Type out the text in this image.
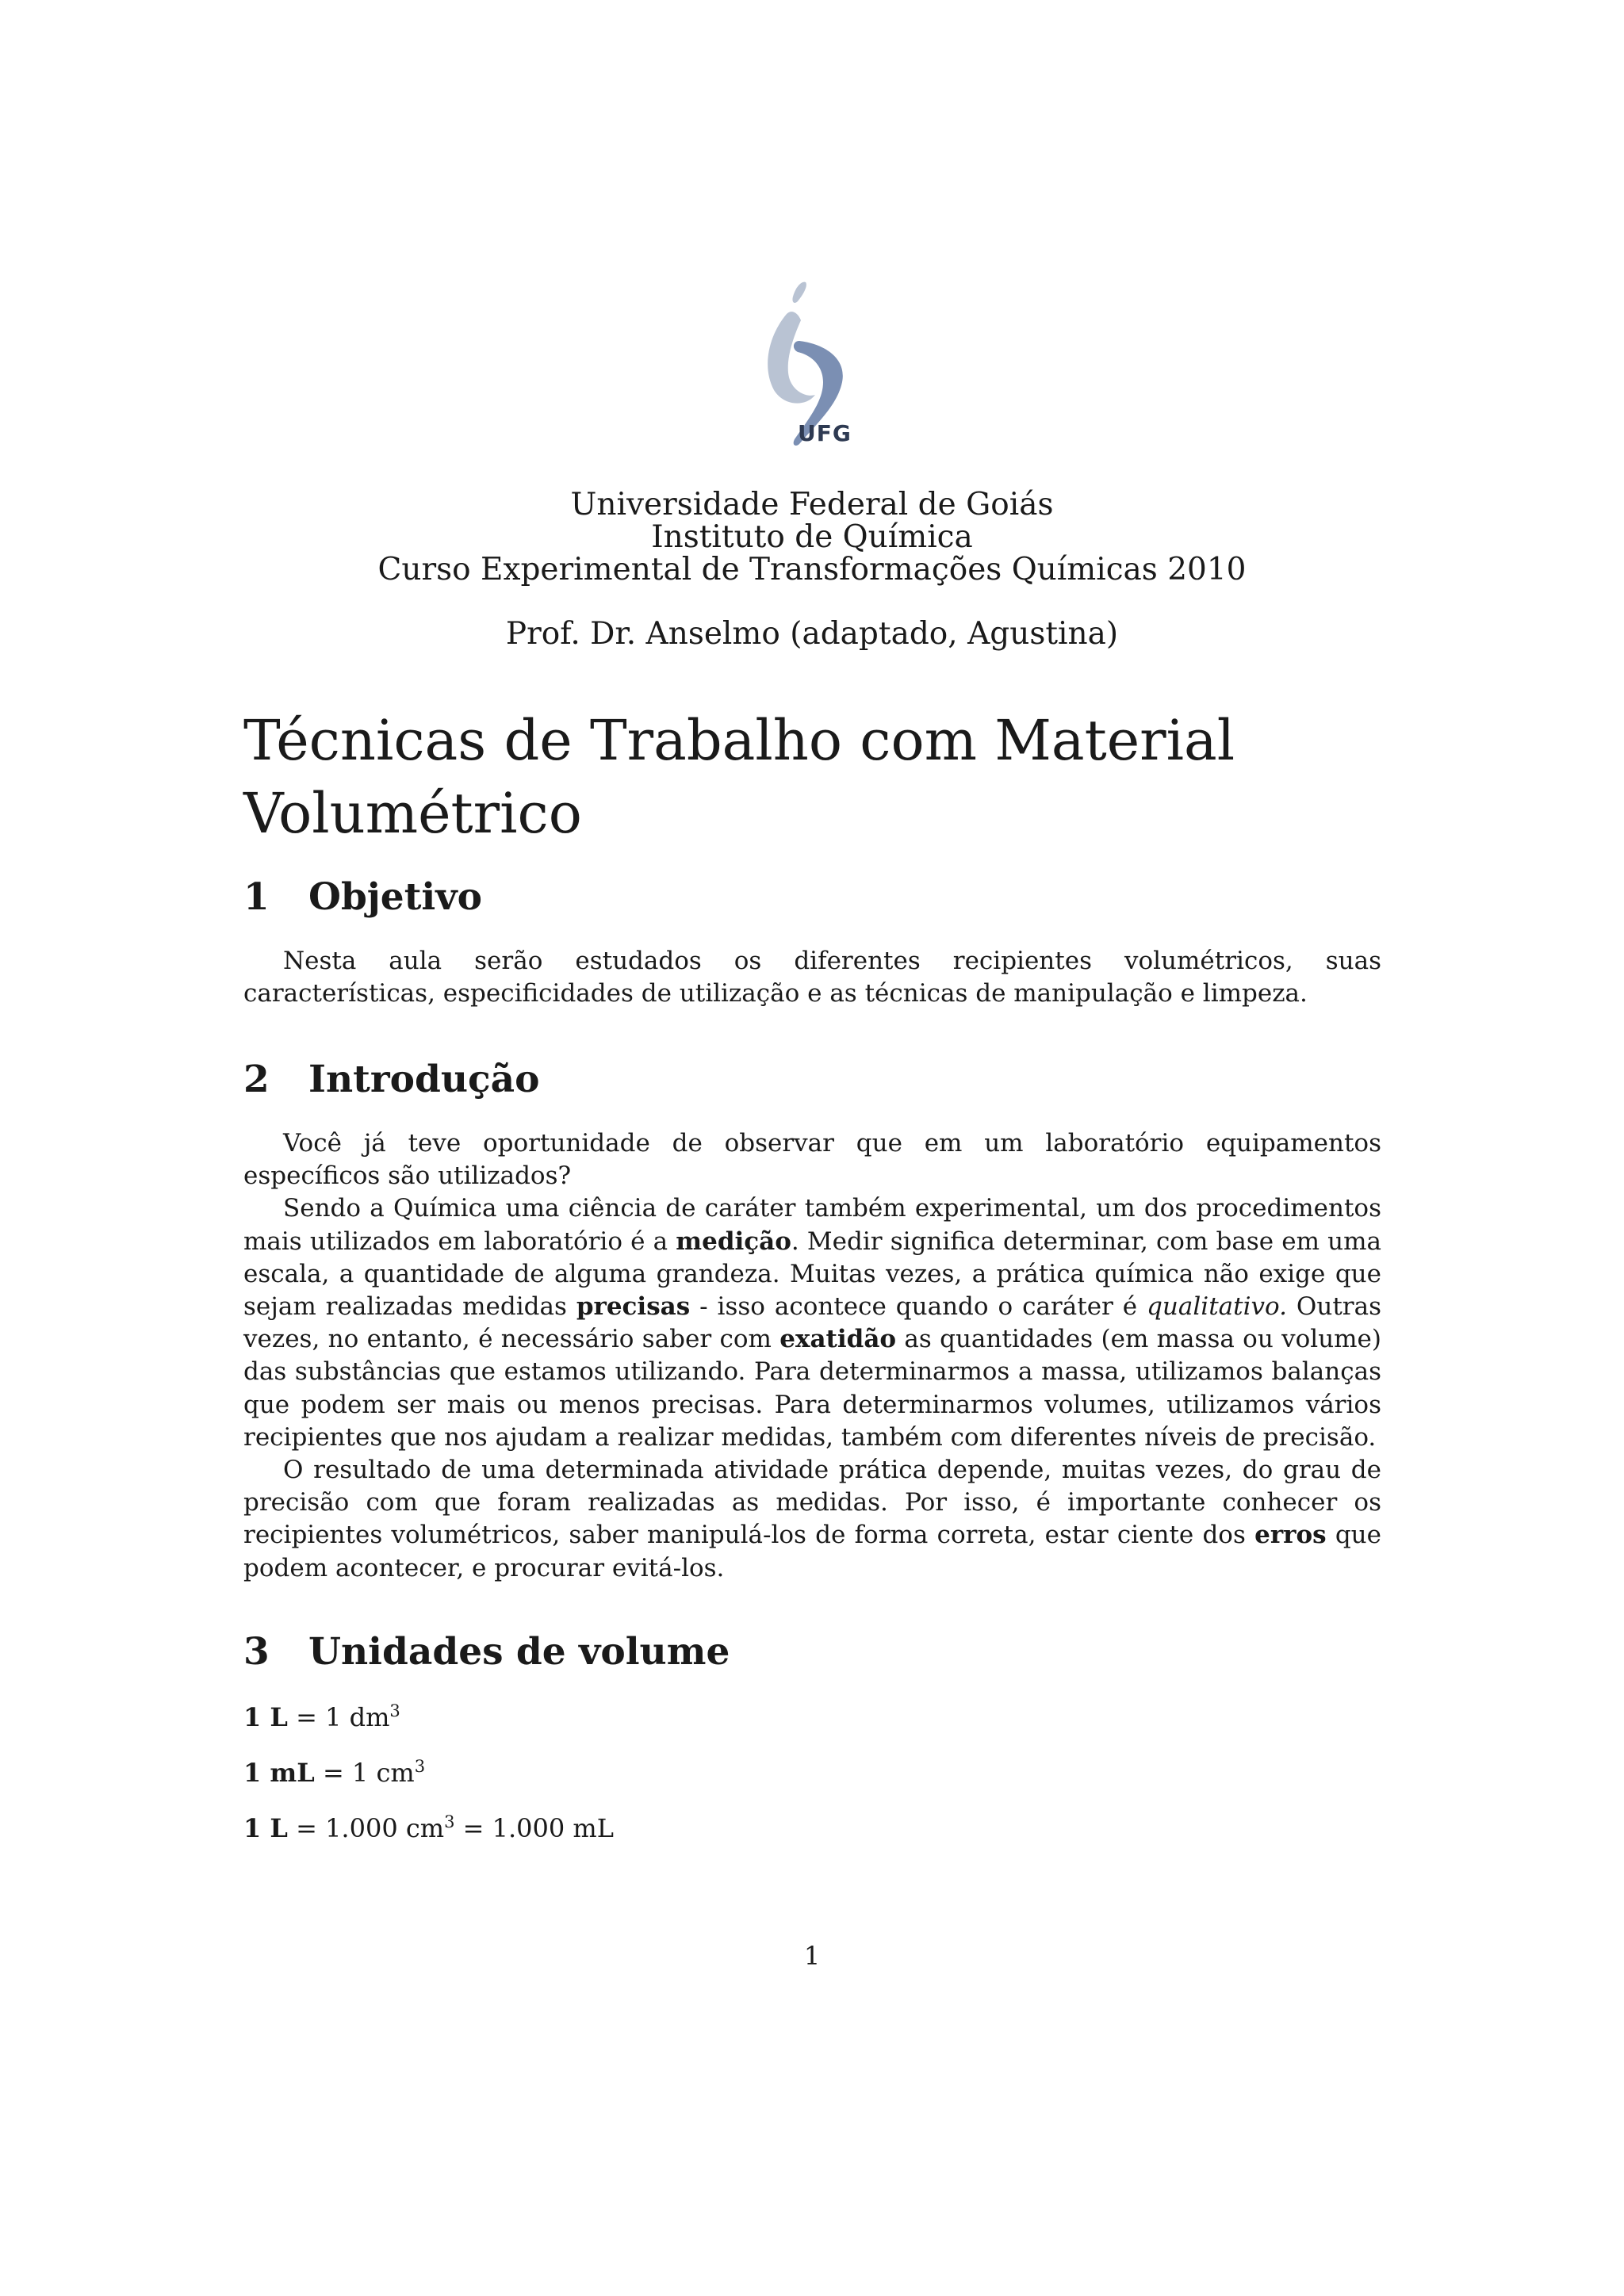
UFG
Universidade Federal de Goiás
Instituto de Química
Curso Experimental de Transformações Químicas 2010
Prof. Dr. Anselmo (adaptado, Agustina)
Técnicas de Trabalho com Material
Volumétrico
1 Objetivo

Nesta aula serão estudados os diferentes recipientes volumétricos, suas características, especificidades de utilização e as técnicas de manipulação e limpeza.

2 Introdução

Você já teve oportunidade de observar que em um laboratório equipamentos específicos são utilizados?

Sendo a Química uma ciência de caráter também experimental, um dos procedimentos mais utilizados em laboratório é a medição. Medir significa determinar, com base em uma escala, a quantidade de alguma grandeza. Muitas vezes, a prática química não exige que sejam realizadas medidas precisas - isso acontece quando o caráter é qualitativo. Outras vezes, no entanto, é necessário saber com exatidão as quantidades (em massa ou volume) das substâncias que estamos utilizando. Para determinarmos a massa, utilizamos balanças que podem ser mais ou menos precisas. Para determinarmos volumes, utilizamos vários recipientes que nos ajudam a realizar medidas, também com diferentes níveis de precisão.

O resultado de uma determinada atividade prática depende, muitas vezes, do grau de precisão com que foram realizadas as medidas. Por isso, é importante conhecer os recipientes volumétricos, saber manipulá-los de forma correta, estar ciente dos erros que podem acontecer, e procurar evitá-los.

3 Unidades de volume

1 L = 1 $dm^3$

1 mL = 1 $cm^3$

1 L = 1.000 $cm^3 = 1.000$ mL

1
